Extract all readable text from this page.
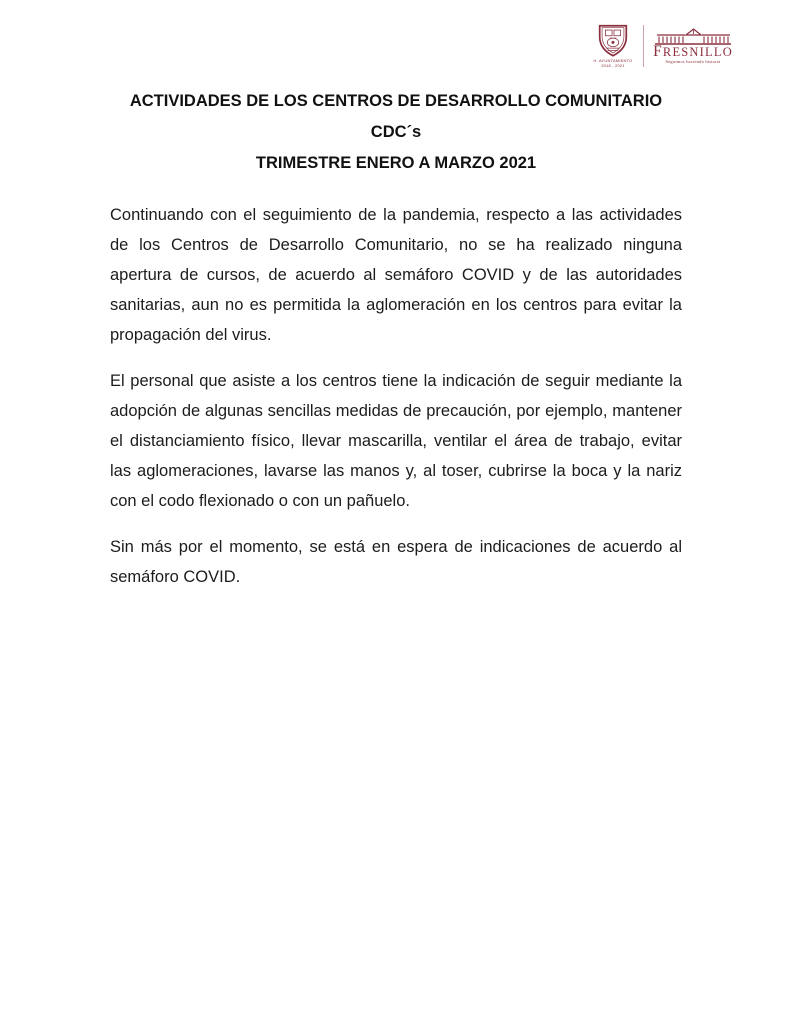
H. AYUNTAMIENTO
2018 - 2021
FRESNILLO
Seguimos haciendo historia
ACTIVIDADES DE LOS CENTROS DE DESARROLLO COMUNITARIO CDC´s
TRIMESTRE ENERO A MARZO 2021

Continuando con el seguimiento de la pandemia, respecto a las actividades de los Centros de Desarrollo Comunitario, no se ha realizado ninguna apertura de cursos, de acuerdo al semáforo COVID y de las autoridades sanitarias, aun no es permitida la aglomeración en los centros para evitar la propagación del virus.

El personal que asiste a los centros tiene la indicación de seguir mediante la adopción de algunas sencillas medidas de precaución, por ejemplo, mantener el distanciamiento físico, llevar mascarilla, ventilar el área de trabajo, evitar las aglomeraciones, lavarse las manos y, al toser, cubrirse la boca y la nariz con el codo flexionado o con un pañuelo.

Sin más por el momento, se está en espera de indicaciones de acuerdo al semáforo COVID.
